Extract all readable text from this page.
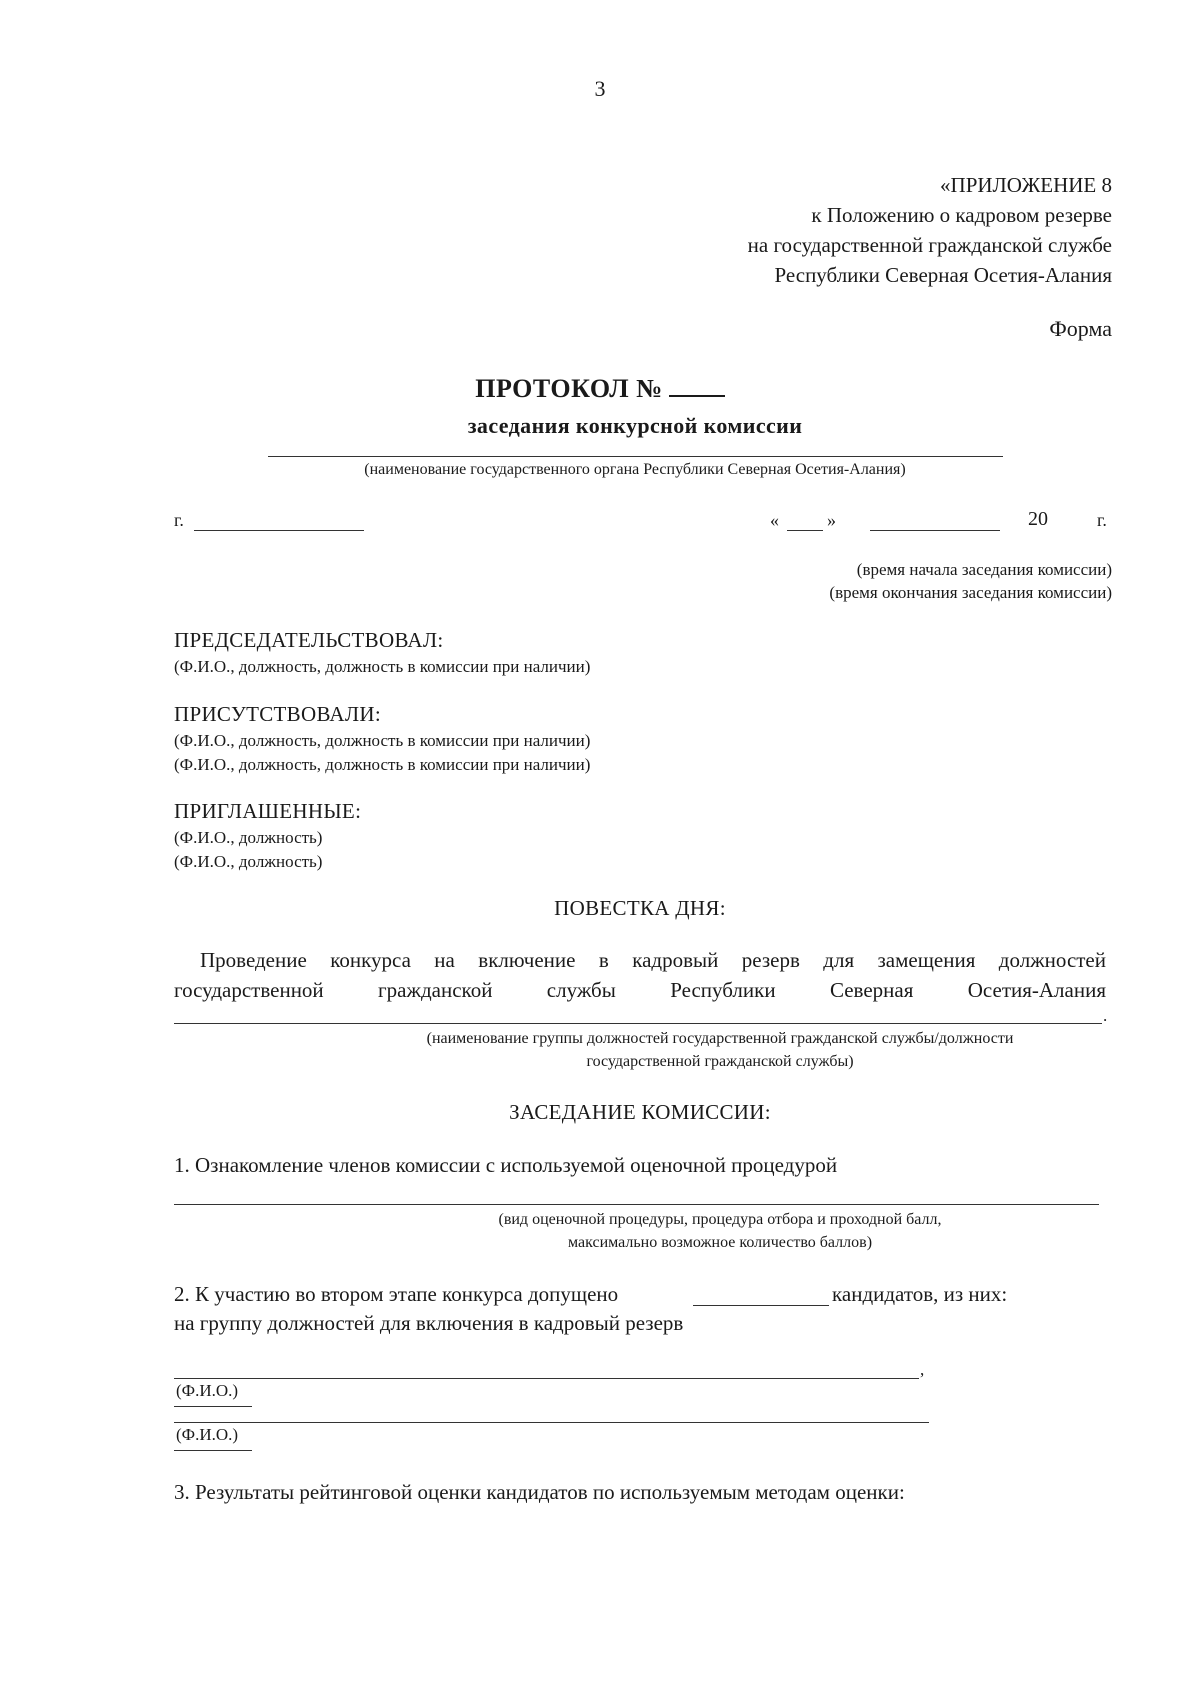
3
«ПРИЛОЖЕНИЕ 8
к Положению о кадровом резерве
на государственной гражданской службе
Республики Северная Осетия-Алания
Форма
ПРОТОКОЛ №
заседания конкурсной комиссии
(наименование государственного органа Республики Северная Осетия-Алания)
г.	«	»	20	г.
(время начала заседания комиссии)
(время окончания заседания комиссии)
ПРЕДСЕДАТЕЛЬСТВОВАЛ:
(Ф.И.О., должность, должность в комиссии при наличии)
ПРИСУТСТВОВАЛИ:
(Ф.И.О., должность, должность в комиссии при наличии)
(Ф.И.О., должность, должность в комиссии при наличии)
ПРИГЛАШЕННЫЕ:
(Ф.И.О., должность)
(Ф.И.О., должность)
ПОВЕСТКА ДНЯ:
Проведение конкурса на включение в кадровый резерв для замещения должностей
государственной гражданской службы Республики Северная Осетия-Алания
.
(наименование группы должностей государственной гражданской службы/должности
государственной гражданской службы)
ЗАСЕДАНИЕ КОМИССИИ:
1. Ознакомление членов комиссии с используемой оценочной процедурой
(вид оценочной процедуры, процедура отбора и проходной балл,
максимально возможное количество баллов)
2. К участию во втором этапе конкурса допущено	кандидатов, из них:
на группу должностей для включения в кадровый резерв
,
(Ф.И.О.)
(Ф.И.О.)
3. Результаты рейтинговой оценки кандидатов по используемым методам оценки:
